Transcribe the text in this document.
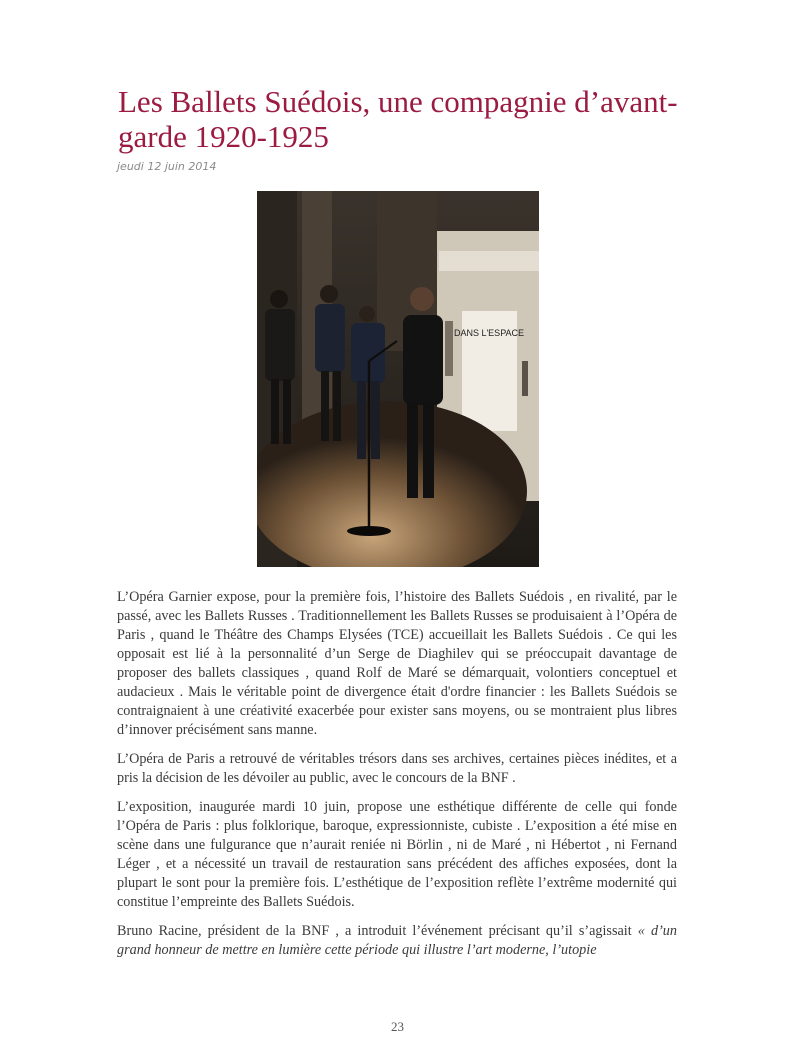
Les Ballets Suédois, une compagnie d’avant-garde 1920-1925
jeudi 12 juin 2014
DANS L'ESPACE

L’Opéra Garnier expose, pour la première fois, l’histoire des Ballets Suédois , en rivalité, par le passé, avec les Ballets Russes . Traditionnellement les Ballets Russes se produisaient à l’Opéra de Paris , quand le Théâtre des Champs Elysées (TCE) accueillait les Ballets Suédois . Ce qui les opposait est lié à la personnalité d’un Serge de Diaghilev qui se préoccupait davantage de proposer des ballets classiques , quand Rolf de Maré se démarquait, volontiers conceptuel et audacieux . Mais le véritable point de divergence était d'ordre financier : les Ballets Suédois se contraignaient à une créativité exacerbée pour exister sans moyens, ou se montraient plus libres d’innover précisément sans manne.

L’Opéra de Paris a retrouvé de véritables trésors dans ses archives, certaines pièces inédites, et a pris la décision de les dévoiler au public, avec le concours de la BNF .

L’exposition, inaugurée mardi 10 juin, propose une esthétique différente de celle qui fonde l’Opéra de Paris : plus folklorique, baroque, expressionniste, cubiste . L’exposition a été mise en scène dans une fulgurance que n’aurait reniée ni Börlin , ni de Maré , ni Hébertot , ni Fernand Léger , et a nécessité un travail de restauration sans précédent des affiches exposées, dont la plupart le sont pour la première fois. L’esthétique de l’exposition reflète l’extrême modernité qui constitue l’empreinte des Ballets Suédois.

Bruno Racine, président de la BNF , a introduit l’événement précisant qu’il s’agissait « d’un grand honneur de mettre en lumière cette période qui illustre l’art moderne, l’utopie

23
